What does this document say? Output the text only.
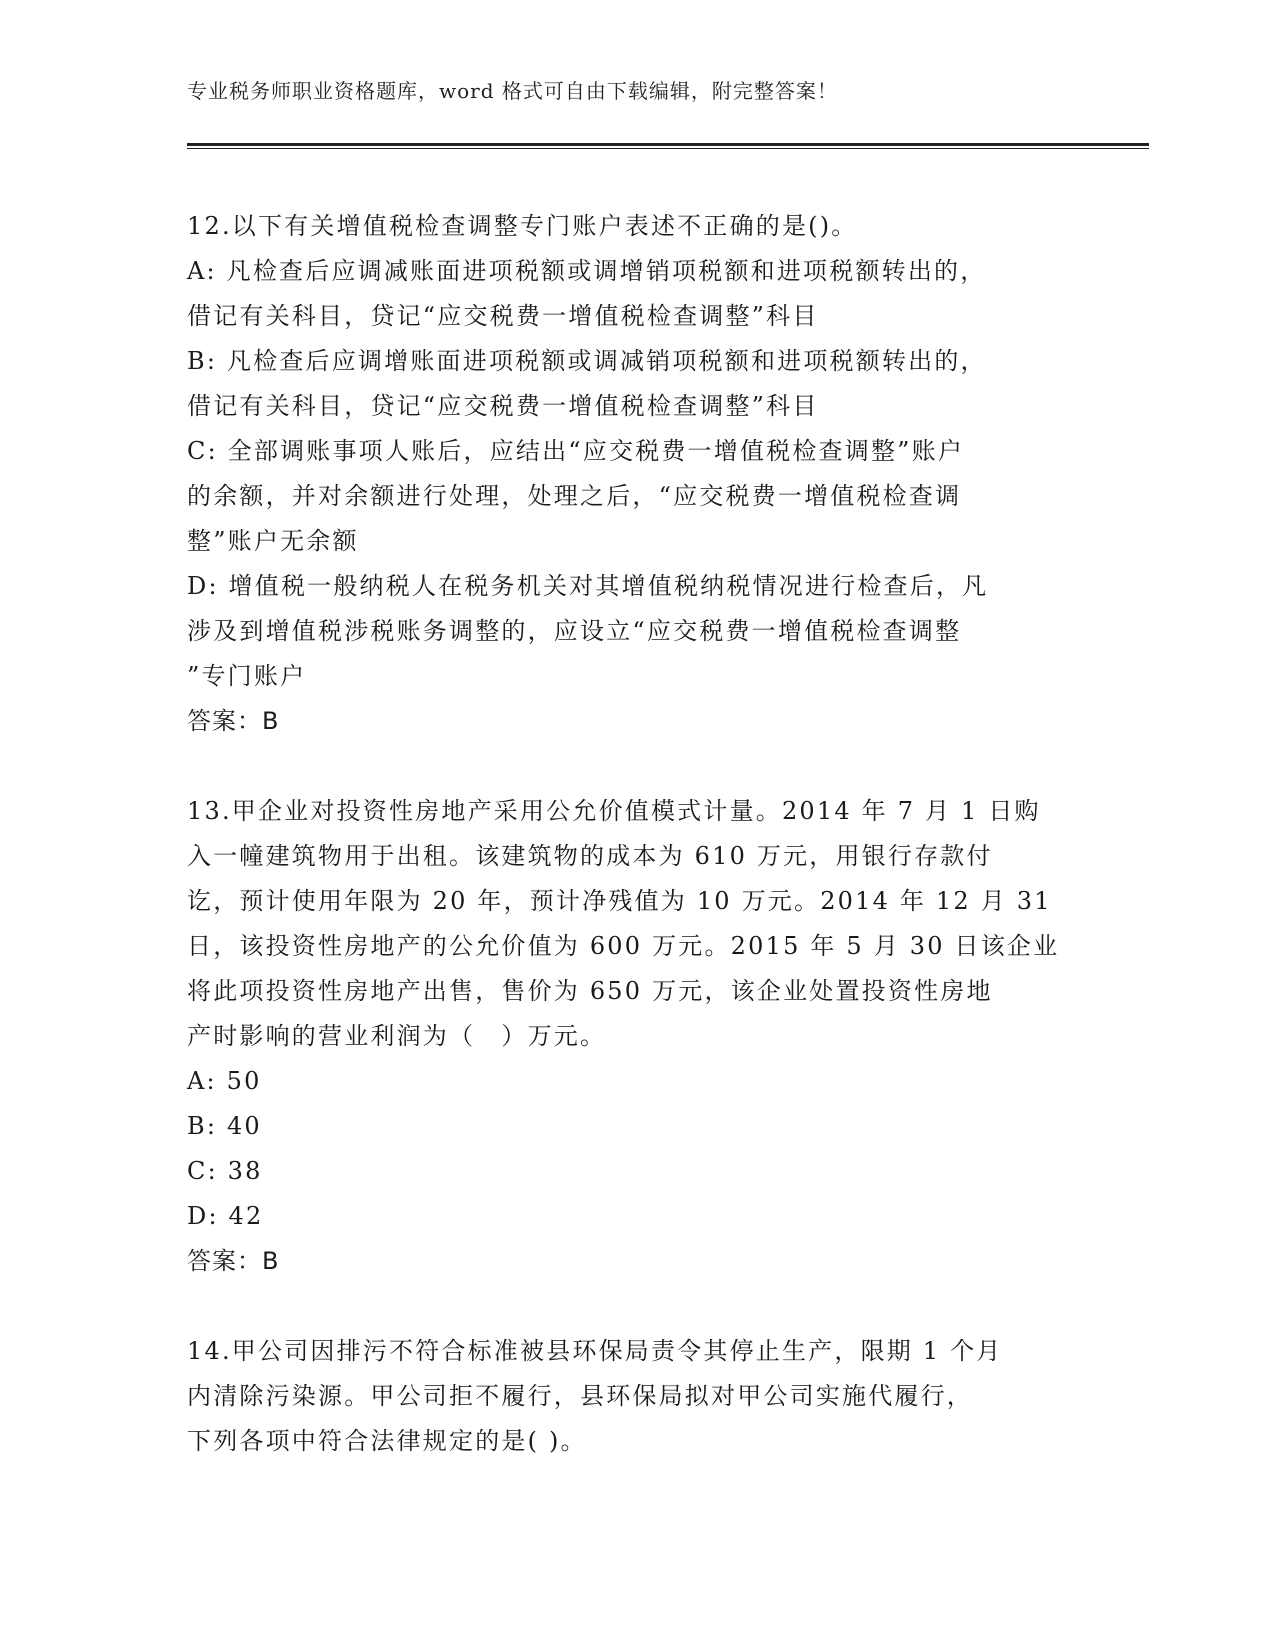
专业税务师职业资格题库，word 格式可自由下载编辑，附完整答案！

12.以下有关增值税检查调整专门账户表述不正确的是()。

A: 凡检查后应调减账面进项税额或调增销项税额和进项税额转出的，

借记有关科目，贷记“应交税费一增值税检查调整”科目

B: 凡检查后应调增账面进项税额或调减销项税额和进项税额转出的，

借记有关科目，贷记“应交税费一增值税检查调整”科目

C: 全部调账事项人账后，应结出“应交税费一增值税检查调整”账户

的余额，并对余额进行处理，处理之后，“应交税费一增值税检查调

整”账户无余额

D: 增值税一般纳税人在税务机关对其增值税纳税情况进行检查后，凡

涉及到增值税涉税账务调整的，应设立“应交税费一增值税检查调整

”专门账户

答案：B

13.甲企业对投资性房地产采用公允价值模式计量。2014 年 7 月 1 日购

入一幢建筑物用于出租。该建筑物的成本为 610 万元，用银行存款付

讫，预计使用年限为 20 年，预计净残值为 10 万元。2014 年 12 月 31

日，该投资性房地产的公允价值为 600 万元。2015 年 5 月 30 日该企业

将此项投资性房地产出售，售价为 650 万元，该企业处置投资性房地

产时影响的营业利润为（　）万元。

A: 50

B: 40

C: 38

D: 42

答案：B

14.甲公司因排污不符合标准被县环保局责令其停止生产，限期 1 个月

内清除污染源。甲公司拒不履行，县环保局拟对甲公司实施代履行，

下列各项中符合法律规定的是( )。
